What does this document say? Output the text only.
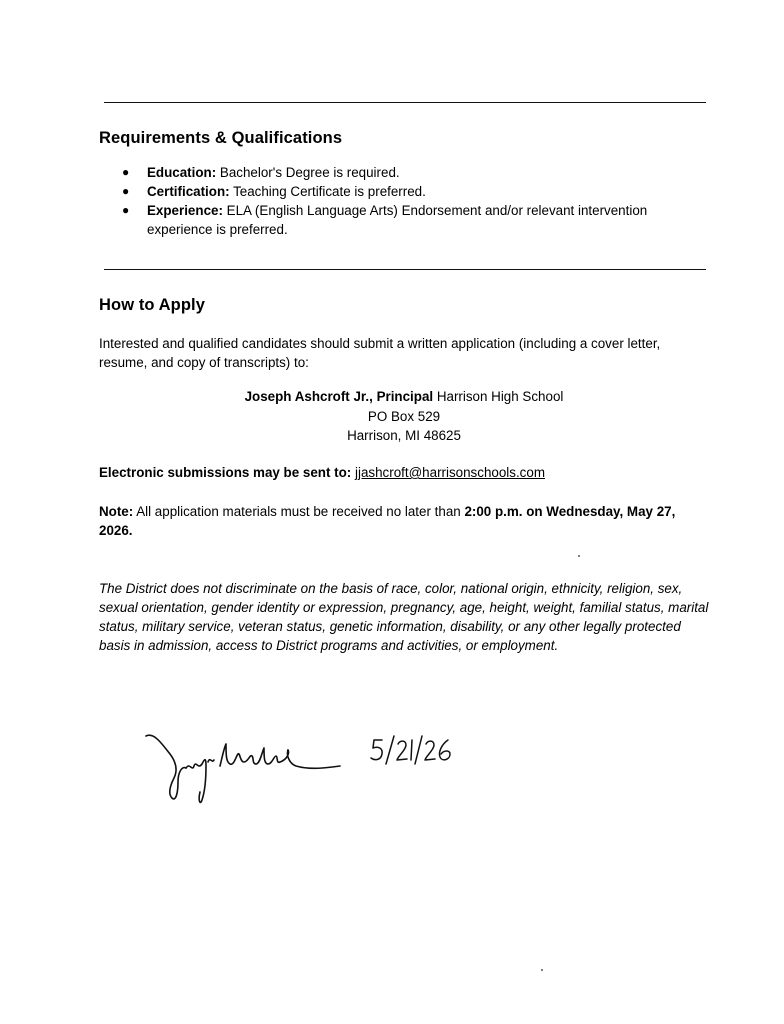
Requirements & Qualifications
● Education: Bachelor's Degree is required.
● Certification: Teaching Certificate is preferred.
● Experience: ELA (English Language Arts) Endorsement and/or relevant intervention experience is preferred.
How to Apply
Interested and qualified candidates should submit a written application (including a cover letter, resume, and copy of transcripts) to:
Joseph Ashcroft Jr., Principal Harrison High School
PO Box 529
Harrison, MI 48625
Electronic submissions may be sent to: jjashcroft@harrisonschools.com
Note: All application materials must be received no later than 2:00 p.m. on Wednesday, May 27, 2026.
The District does not discriminate on the basis of race, color, national origin, ethnicity, religion, sex, sexual orientation, gender identity or expression, pregnancy, age, height, weight, familial status, marital status, military service, veteran status, genetic information, disability, or any other legally protected basis in admission, access to District programs and activities, or employment.
5/21/26
